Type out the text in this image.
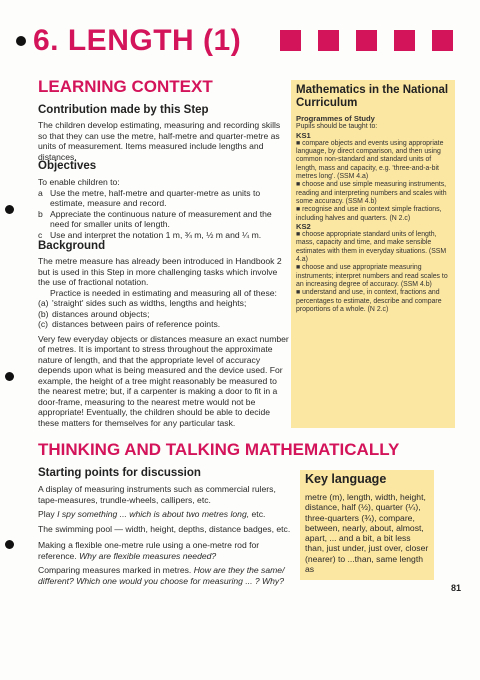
6. LENGTH (1)
LEARNING CONTEXT
Contribution made by this Step
The children develop estimating, measuring and recording skills so that they can use the metre, half-metre and quarter-metre as units of measurement. Items measured include lengths and distances.
Objectives

To enable children to:

a Use the metre, half-metre and quarter-metre as units to estimate, measure and record.
b Appreciate the continuous nature of measurement and the need for smaller units of length.
c Use and interpret the notation 1 m, ¾ m, ½ m and ¼ m.
Background

The metre measure has already been introduced in Handbook 2 but is used in this Step in more challenging tasks which involve the use of fractional notation.

Practice is needed in estimating and measuring all of these:

(a) 'straight' sides such as widths, lengths and heights;
(b) distances around objects;
(c) distances between pairs of reference points.

Very few everyday objects or distances measure an exact number of metres. It is important to stress throughout the approximate nature of length, and that the appropriate level of accuracy depends upon what is being measured and the device used. For example, the height of a tree might reasonably be measured to the nearest metre; but, if a carpenter is making a door to fit in a door-frame, measuring to the nearest metre would not be appropriate! Eventually, the children should be able to decide these matters for themselves for any particular task.

Mathematics in the National Curriculum

Programmes of Study

Pupils should be taught to:

KS1

■ compare objects and events using appropriate language, by direct comparison, and then using common non-standard and standard units of length, mass and capacity, e.g. 'three-and-a-bit metres long'. (SSM 4.a)

■ choose and use simple measuring instruments, reading and interpreting numbers and scales with some accuracy. (SSM 4.b)

■ recognise and use in context simple fractions, including halves and quarters. (N 2.c)

KS2

■ choose appropriate standard units of length, mass, capacity and time, and make sensible estimates with them in everyday situations. (SSM 4.a)

■ choose and use appropriate measuring instruments; interpret numbers and read scales to an increasing degree of accuracy. (SSM 4.b)

■ understand and use, in context, fractions and percentages to estimate, describe and compare proportions of a whole. (N 2.c)

THINKING AND TALKING MATHEMATICALLY
Starting points for discussion

A display of measuring instruments such as commercial rulers, tape-measures, trundle-wheels, callipers, etc.

Play I spy something ... which is about two metres long, etc.

The swimming pool — width, height, depths, distance badges, etc.

Making a flexible one-metre rule using a one-metre rod for reference. Why are flexible measures needed?

Comparing measures marked in metres. How are they the same/ different? Which one would you choose for measuring ... ? Why?

Key language
metre (m), length, width, height, distance, half (½), quarter (¼), three-quarters (¾), compare, between, nearly, about, almost, apart, ... and a bit, a bit less than, just under, just over, closer (nearer) to ...than, same length as
81
